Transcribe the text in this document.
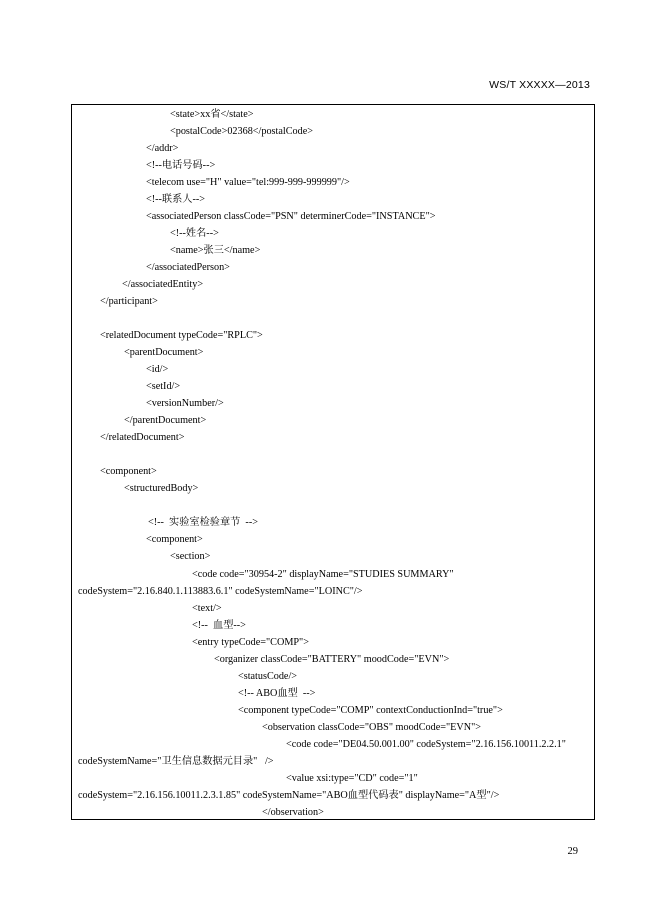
WS/T XXXXX—2013
<state>xx省</state>
<postalCode>02368</postalCode>
</addr>
<!--电话号码-->
<telecom use="H" value="tel:999-999-999999"/>
<!--联系人-->
<associatedPerson classCode="PSN" determinerCode="INSTANCE">
<!--姓名-->
<name>张三</name>
</associatedPerson>
</associatedEntity>
</participant>
<relatedDocument typeCode="RPLC">
<parentDocument>
<id/>
<setId/>
<versionNumber/>
</parentDocument>
</relatedDocument>
<component>
<structuredBody>
<!--  实验室检验章节  -->
<component>
<section>
<code code="30954-2" displayName="STUDIES SUMMARY"
codeSystem="2.16.840.1.113883.6.1" codeSystemName="LOINC"/>
<text/>
<!--  血型-->
<entry typeCode="COMP">
<organizer classCode="BATTERY" moodCode="EVN">
<statusCode/>
<!-- ABO血型  -->
<component typeCode="COMP" contextConductionInd="true">
<observation classCode="OBS" moodCode="EVN">
<code code="DE04.50.001.00" codeSystem="2.16.156.10011.2.2.1"
codeSystemName="卫生信息数据元目录"   />
<value xsi:type="CD" code="1"
codeSystem="2.16.156.10011.2.3.1.85" codeSystemName="ABO血型代码表" displayName="A型"/>
</observation>
29
